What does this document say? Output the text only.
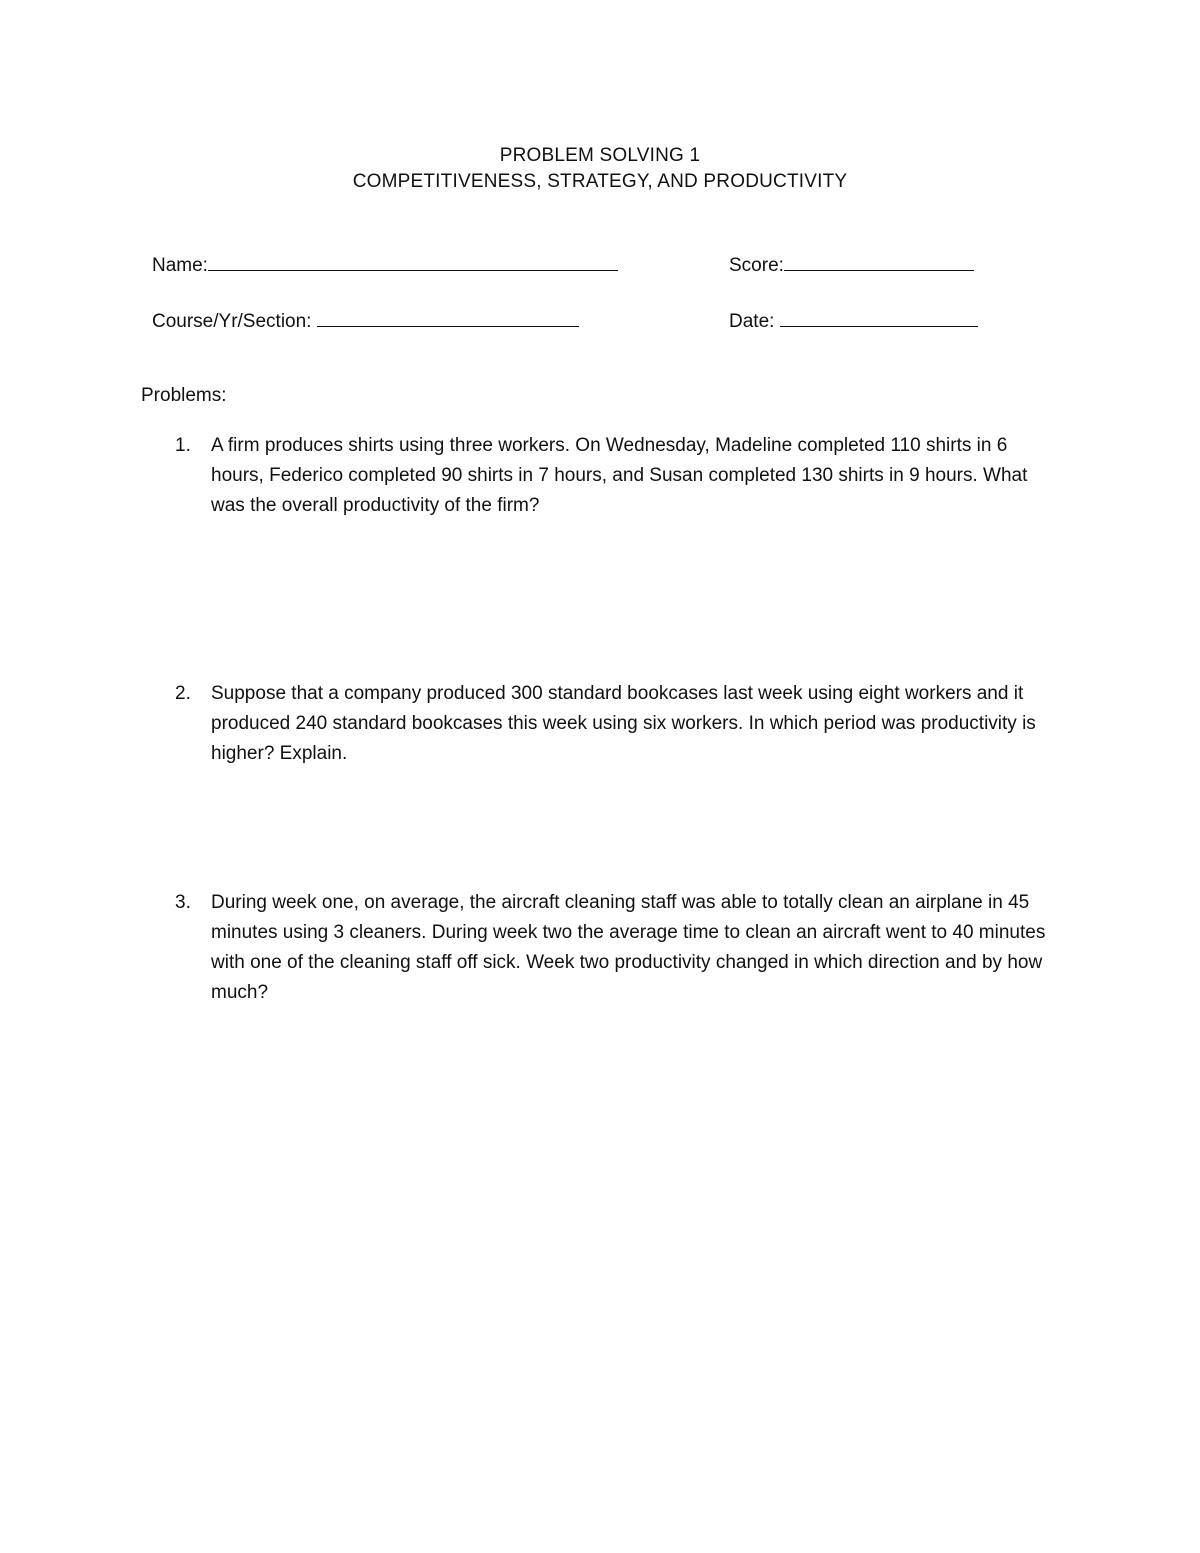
PROBLEM SOLVING 1
COMPETITIVENESS, STRATEGY, AND PRODUCTIVITY
Name:	Score:
Course/Yr/Section:	Date:
Problems:
1. A firm produces shirts using three workers. On Wednesday, Madeline completed 110 shirts in 6 hours, Federico completed 90 shirts in 7 hours, and Susan completed 130 shirts in 9 hours. What was the overall productivity of the firm?
2. Suppose that a company produced 300 standard bookcases last week using eight workers and it produced 240 standard bookcases this week using six workers. In which period was productivity is higher? Explain.
3. During week one, on average, the aircraft cleaning staff was able to totally clean an airplane in 45 minutes using 3 cleaners. During week two the average time to clean an aircraft went to 40 minutes with one of the cleaning staff off sick. Week two productivity changed in which direction and by how much?
